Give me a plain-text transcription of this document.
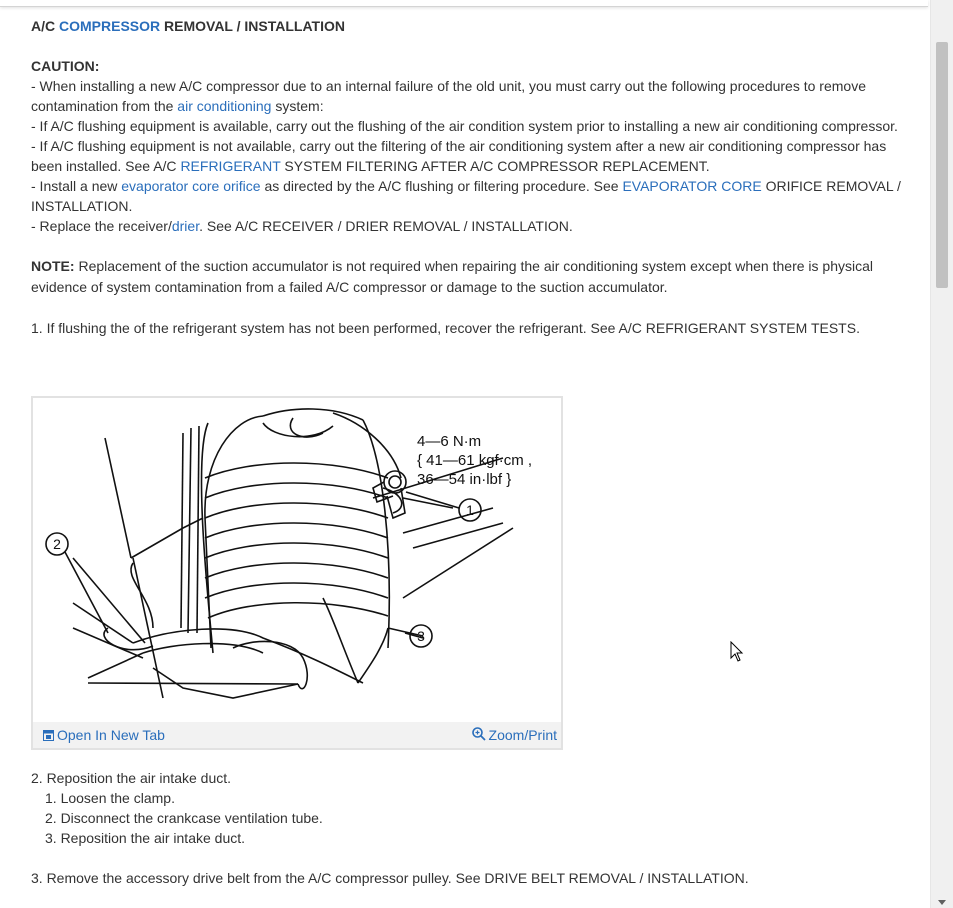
A/C COMPRESSOR REMOVAL / INSTALLATION
CAUTION:
- When installing a new A/C compressor due to an internal failure of the old unit, you must carry out the following procedures to remove contamination from the air conditioning system:
- If A/C flushing equipment is available, carry out the flushing of the air condition system prior to installing a new air conditioning compressor.
- If A/C flushing equipment is not available, carry out the filtering of the air conditioning system after a new air conditioning compressor has been installed. See A/C REFRIGERANT SYSTEM FILTERING AFTER A/C COMPRESSOR REPLACEMENT.
- Install a new evaporator core orifice as directed by the A/C flushing or filtering procedure. See EVAPORATOR CORE ORIFICE REMOVAL / INSTALLATION.
- Replace the receiver/drier. See A/C RECEIVER / DRIER REMOVAL / INSTALLATION.
NOTE: Replacement of the suction accumulator is not required when repairing the air conditioning system except when there is physical evidence of system contamination from a failed A/C compressor or damage to the suction accumulator.
1. If flushing the of the refrigerant system has not been performed, recover the refrigerant. See A/C REFRIGERANT SYSTEM TESTS.
2
1
3
4—6 N·m
{ 41—61 kgf·cm ,
36—54 in·lbf }
Open In New Tab	Zoom/Print
2. Reposition the air intake duct.
1. Loosen the clamp.
2. Disconnect the crankcase ventilation tube.
3. Reposition the air intake duct.
3. Remove the accessory drive belt from the A/C compressor pulley. See DRIVE BELT REMOVAL / INSTALLATION.
